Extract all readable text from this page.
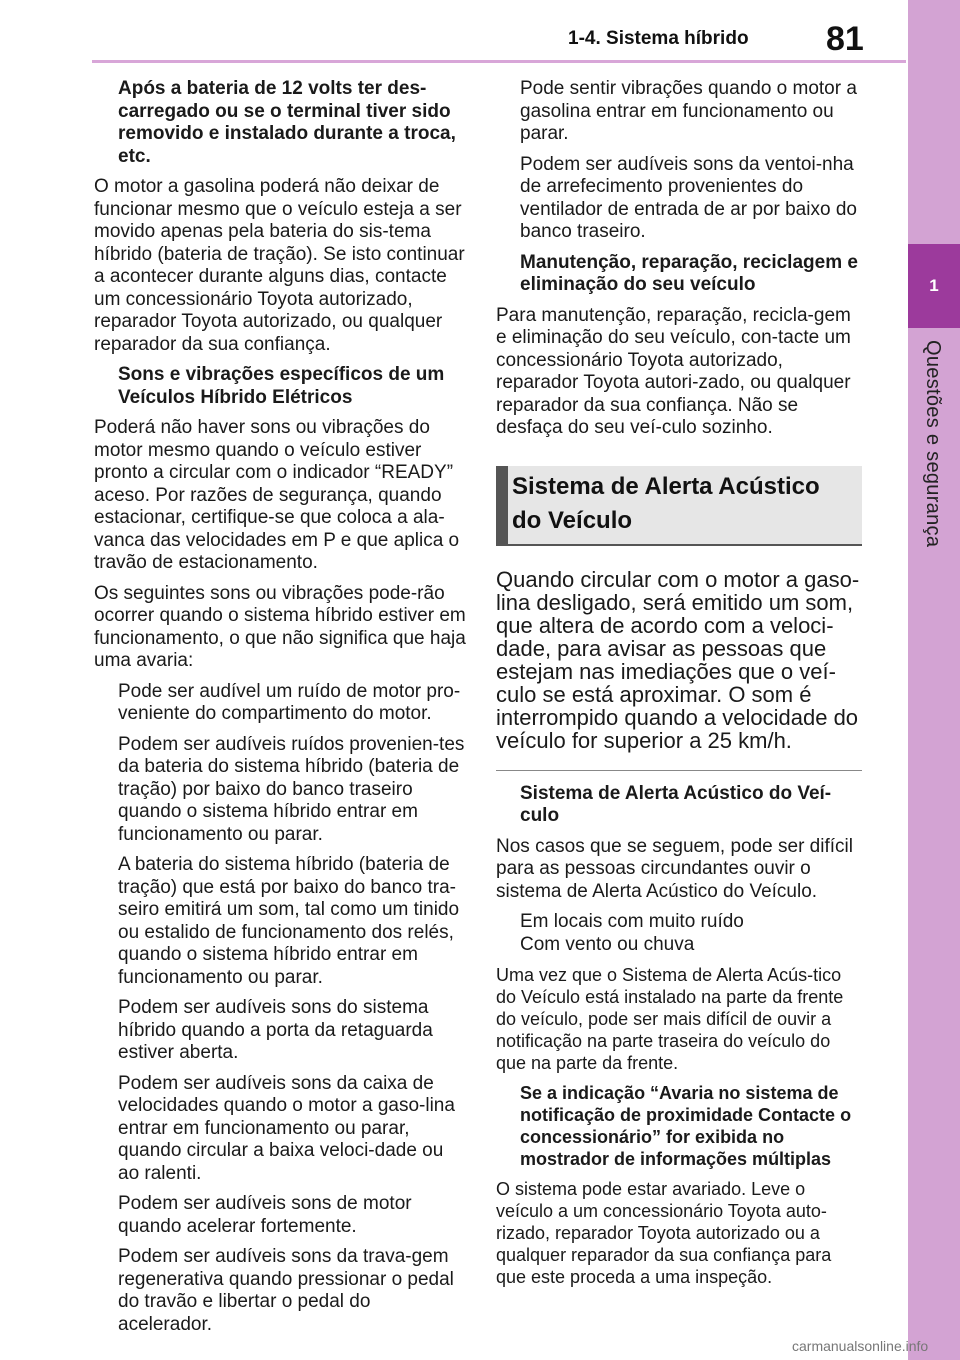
1-4. Sistema híbrido 81
1
Questões e segurança

Após a bateria de 12 volts ter des-carregado ou se o terminal tiver sido removido e instalado durante a troca, etc.

O motor a gasolina poderá não deixar de funcionar mesmo que o veículo esteja a ser movido apenas pela bateria do sis-tema híbrido (bateria de tração). Se isto continuar a acontecer durante alguns dias, contacte um concessionário Toyota autorizado, reparador Toyota autorizado, ou qualquer reparador da sua confiança.

Sons e vibrações específicos de um Veículos Híbrido Elétricos

Poderá não haver sons ou vibrações do motor mesmo quando o veículo estiver pronto a circular com o indicador “READY” aceso. Por razões de segurança, quando estacionar, certifique-se que coloca a ala-vanca das velocidades em P e que aplica o travão de estacionamento.

Os seguintes sons ou vibrações pode-rão ocorrer quando o sistema híbrido estiver em funcionamento, o que não significa que haja uma avaria:

Pode ser audível um ruído de motor pro-veniente do compartimento do motor.

Podem ser audíveis ruídos provenien-tes da bateria do sistema híbrido (bateria de tração) por baixo do banco traseiro quando o sistema híbrido entrar em funcionamento ou parar.

A bateria do sistema híbrido (bateria de tração) que está por baixo do banco tra-seiro emitirá um som, tal como um tinido ou estalido de funcionamento dos relés, quando o sistema híbrido entrar em funcionamento ou parar.

Podem ser audíveis sons do sistema híbrido quando a porta da retaguarda estiver aberta.

Podem ser audíveis sons da caixa de velocidades quando o motor a gaso-lina entrar em funcionamento ou parar, quando circular a baixa veloci-dade ou ao ralenti.

Podem ser audíveis sons de motor quando acelerar fortemente.

Podem ser audíveis sons da trava-gem regenerativa quando pressionar o pedal do travão e libertar o pedal do acelerador.

Pode sentir vibrações quando o motor a gasolina entrar em funcionamento ou parar.

Podem ser audíveis sons da ventoi-nha de arrefecimento provenientes do ventilador de entrada de ar por baixo do banco traseiro.

Manutenção, reparação, reciclagem e eliminação do seu veículo

Para manutenção, reparação, recicla-gem e eliminação do seu veículo, con-tacte um concessionário Toyota autorizado, reparador Toyota autori-zado, ou qualquer reparador da sua confiança. Não se desfaça do seu veí-culo sozinho.

Sistema de Alerta Acústico do Veículo

Quando circular com o motor a gaso-lina desligado, será emitido um som, que altera de acordo com a veloci-dade, para avisar as pessoas que estejam nas imediações que o veí-culo se está aproximar. O som é interrompido quando a velocidade do veículo for superior a 25 km/h.

Sistema de Alerta Acústico do Veí-culo

Nos casos que se seguem, pode ser difícil para as pessoas circundantes ouvir o sistema de Alerta Acústico do Veículo.

Em locais com muito ruído

Com vento ou chuva

Uma vez que o Sistema de Alerta Acús-tico do Veículo está instalado na parte da frente do veículo, pode ser mais difícil de ouvir a notificação na parte traseira do veículo do que na parte da frente.

Se a indicação “Avaria no sistema de notificação de proximidade Contacte o concessionário” for exibida no mostrador de informações múltiplas

O sistema pode estar avariado. Leve o veículo a um concessionário Toyota auto-rizado, reparador Toyota autorizado ou a qualquer reparador da sua confiança para que este proceda a uma inspeção.

carmanualsonline.info
